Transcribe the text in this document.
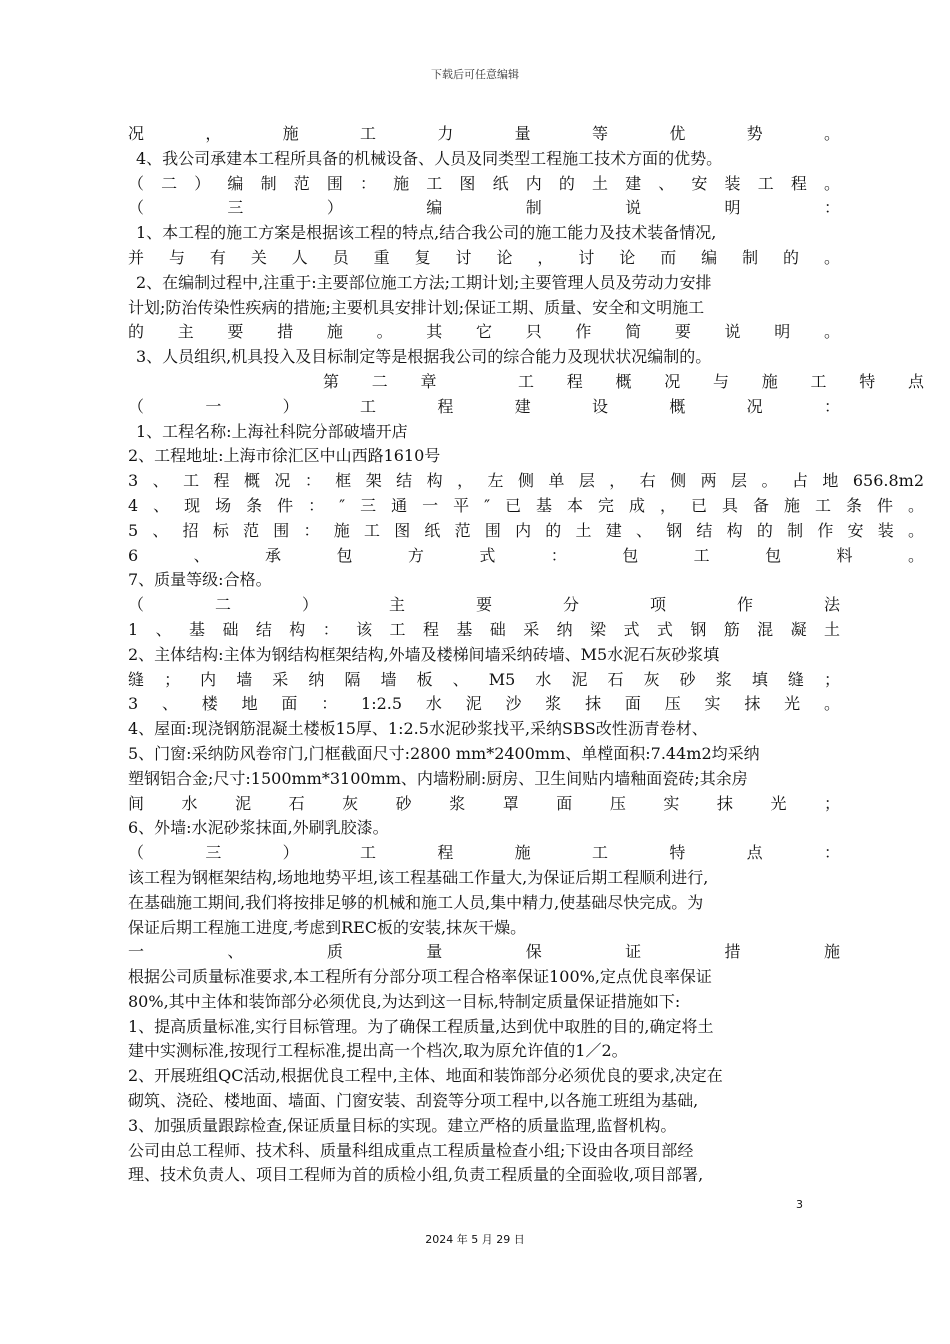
下载后可任意编辑
况，施工力量等优势。
4、我公司承建本工程所具备的机械设备、人员及同类型工程施工技术方面的优势。
（二）编制范围：施工图纸内的土建、安装工程。
（三）编制说明：
1、本工程的施工方案是根据该工程的特点,结合我公司的施工能力及技术装备情况,
并与有关人员重复讨论，讨论而编制的。
2、在编制过程中,注重于:主要部位施工方法;工期计划;主要管理人员及劳动力安排
计划;防治传染性疾病的措施;主要机具安排计划;保证工期、质量、安全和文明施工
的主要措施。其它只作简要说明。
3、人员组织,机具投入及目标制定等是根据我公司的综合能力及现状状况编制的。
　　　　第二章　工程概况与施工特点
（一）工程建设概况：
1、工程名称:上海社科院分部破墙开店
2、工程地址:上海市徐汇区中山西路1610号
3、工程概况：框架结构，左侧单层，右侧两层。占地656.8m2
4、现场条件：″三通一平″已基本完成，已具备施工条件。
5、招标范围：施工图纸范围内的土建、钢结构的制作安装。
6、承包方式：包工包料。
7、质量等级:合格。
（二）主要分项作法
1、基础结构：该工程基础采纳梁式式钢筋混凝土
2、主体结构:主体为钢结构框架结构,外墙及楼梯间墙采纳砖墙、M5水泥石灰砂浆填
缝；内墙采纳隔墙板、M5水泥石灰砂浆填缝；
3、楼地面：1:2.5水泥沙浆抹面压实抹光。
4、屋面:现浇钢筋混凝土楼板15厚、1:2.5水泥砂浆找平,采纳SBS改性沥青卷材、
5、门窗:采纳防风卷帘门,门框截面尺寸:2800 mm*2400mm、单樘面积:7.44m2均采纳
塑钢铝合金;尺寸:1500mm*3100mm、内墙粉刷:厨房、卫生间贴内墙釉面瓷砖;其余房
间水泥石灰砂浆罩面压实抹光；
6、外墙:水泥砂浆抹面,外刷乳胶漆。
（三）工程施工特点：
该工程为钢框架结构,场地地势平坦,该工程基础工作量大,为保证后期工程顺利进行,
在基础施工期间,我们将按排足够的机械和施工人员,集中精力,使基础尽快完成。为
保证后期工程施工进度,考虑到REC板的安装,抹灰干燥。
一、质量保证措施
根据公司质量标准要求,本工程所有分部分项工程合格率保证100%,定点优良率保证
80%,其中主体和装饰部分必须优良,为达到这一目标,特制定质量保证措施如下:
1、提高质量标准,实行目标管理。为了确保工程质量,达到优中取胜的目的,确定将土
建中实测标准,按现行工程标准,提出高一个档次,取为原允许值的1／2。
2、开展班组QC活动,根据优良工程中,主体、地面和装饰部分必须优良的要求,决定在
砌筑、浇砼、楼地面、墙面、门窗安装、刮瓷等分项工程中,以各施工班组为基础,
3、加强质量跟踪检查,保证质量目标的实现。建立严格的质量监理,监督机构。
公司由总工程师、技术科、质量科组成重点工程质量检查小组;下设由各项目部经
理、技术负责人、项目工程师为首的质检小组,负责工程质量的全面验收,项目部署,
3
2024 年 5 月 29 日
